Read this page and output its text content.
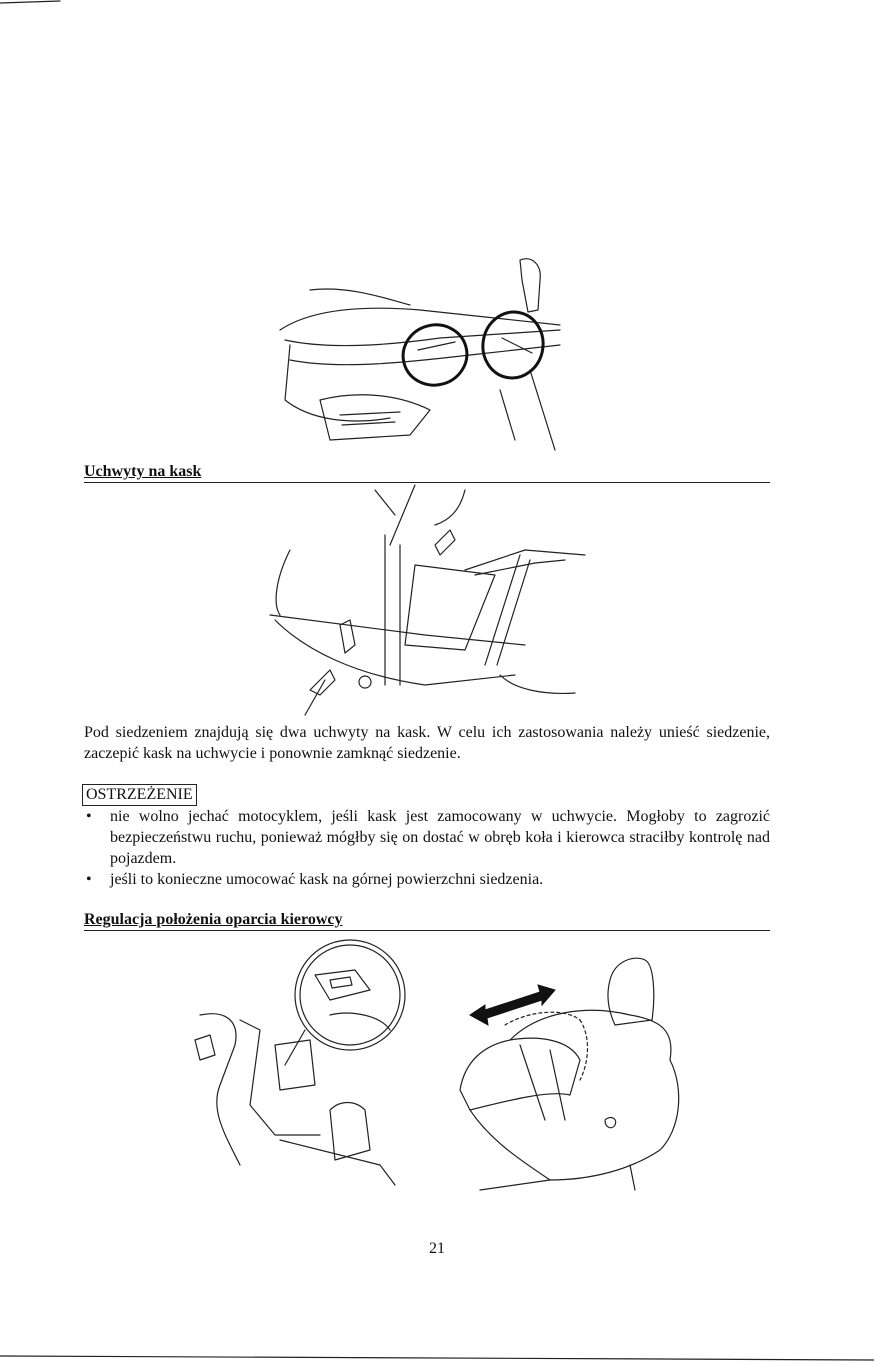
Uchwyty na kask
Pod siedzeniem znajdują się dwa uchwyty na kask. W celu ich zastosowania należy unieść siedzenie, zaczepić kask na uchwycie i ponownie zamknąć siedzenie.
OSTRZEŻENIE
• nie wolno jechać motocyklem, jeśli kask jest zamocowany w uchwycie. Mogłoby to zagrozić bezpieczeństwu ruchu, ponieważ mógłby się on dostać w obręb koła i kierowca straciłby kontrolę nad pojazdem.
• jeśli to konieczne umocować kask na górnej powierzchni siedzenia.
Regulacja położenia oparcia kierowcy
21
